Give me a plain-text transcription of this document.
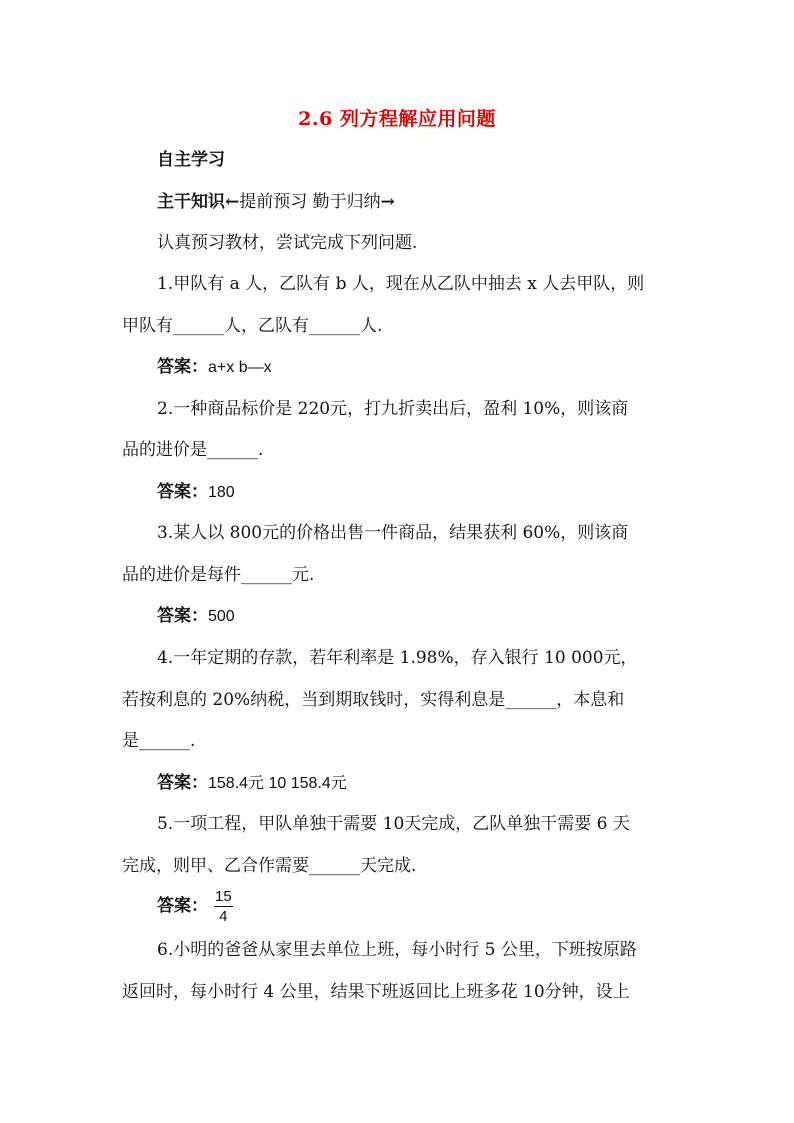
2.6 列方程解应用问题
自主学习
主干知识←提前预习 勤于归纳→
认真预习教材，尝试完成下列问题.
1.甲队有 a 人，乙队有 b 人，现在从乙队中抽去 x 人去甲队，则
甲队有______人，乙队有______人.
答案：a+x b—x
2.一种商品标价是 220元，打九折卖出后，盈利 10%，则该商
品的进价是______.
答案：180
3.某人以 800元的价格出售一件商品，结果获利 60%，则该商
品的进价是每件______元.
答案：500
4.一年定期的存款，若年利率是 1.98%，存入银行 10 000元，
若按利息的 20%纳税，当到期取钱时，实得利息是______，本息和
是______.
答案：158.4元 10 158.4元
5.一项工程，甲队单独干需要 10天完成，乙队单独干需要 6 天
完成，则甲、乙合作需要______天完成.
答案： 15
4
6.小明的爸爸从家里去单位上班，每小时行 5 公里，下班按原路
返回时，每小时行 4 公里，结果下班返回比上班多花 10分钟，设上
